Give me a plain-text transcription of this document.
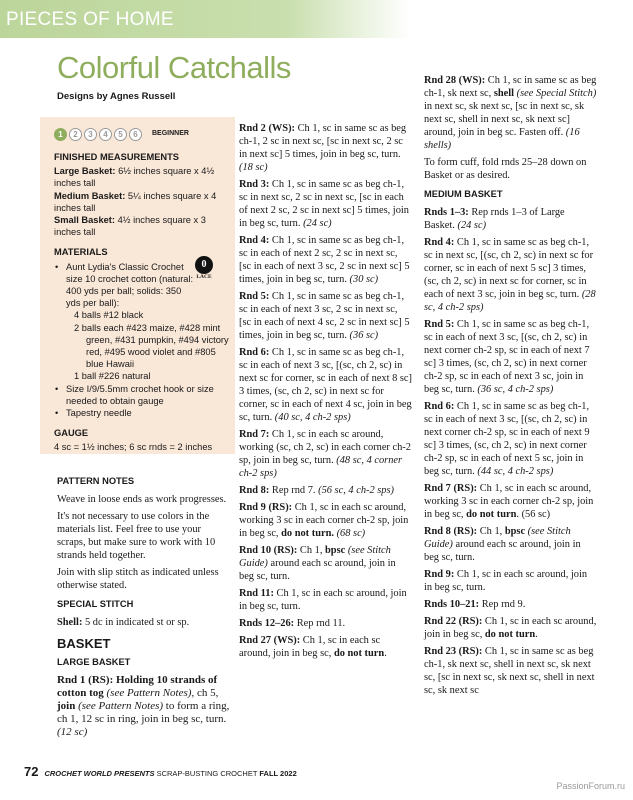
PIECES OF HOME
Colorful Catchalls
Designs by Agnes Russell
1	2	3	4	5	6	BEGINNER
FINISHED MEASUREMENTS

Large Basket: 6½ inches square x 4½ inches tall

Medium Basket: 5¼ inches square x 4 inches tall

Small Basket: 4½ inches square x 3 inches tall

MATERIALS
• Aunt Lydia's Classic Crochet size 10 crochet cotton (natural: 400 yds per ball; solids: 350 yds per ball):

4 balls #12 black

2 balls each #423 maize, #428 mint green, #431 pumpkin, #494 victory red, #495 wood violet and #805 blue Hawaii

1 ball #226 natural

• Size I/9/5.5mm crochet hook or size needed to obtain gauge
• Tapestry needle
GAUGE

4 sc = 1½ inches; 6 sc rnds = 2 inches

0
LACE
PATTERN NOTES

Weave in loose ends as work progresses.

It's not necessary to use colors in the materials list. Feel free to use your scraps, but make sure to work with 10 strands held together.

Join with slip stitch as indicated unless otherwise stated.

SPECIAL STITCH

Shell: 5 dc in indicated st or sp.

BASKET
LARGE BASKET

Rnd 1 (RS): Holding 10 strands of cotton tog (see Pattern Notes), ch 5, join (see Pattern Notes) to form a ring, ch 1, 12 sc in ring, join in beg sc, turn. (12 sc)

Rnd 2 (WS): Ch 1, sc in same sc as beg ch-1, 2 sc in next sc, [sc in next sc, 2 sc in next sc] 5 times, join in beg sc, turn. (18 sc)

Rnd 3: Ch 1, sc in same sc as beg ch-1, sc in next sc, 2 sc in next sc, [sc in each of next 2 sc, 2 sc in next sc] 5 times, join in beg sc, turn. (24 sc)

Rnd 4: Ch 1, sc in same sc as beg ch-1, sc in each of next 2 sc, 2 sc in next sc, [sc in each of next 3 sc, 2 sc in next sc] 5 times, join in beg sc, turn. (30 sc)

Rnd 5: Ch 1, sc in same sc as beg ch-1, sc in each of next 3 sc, 2 sc in next sc, [sc in each of next 4 sc, 2 sc in next sc] 5 times, join in beg sc, turn. (36 sc)

Rnd 6: Ch 1, sc in same sc as beg ch-1, sc in each of next 3 sc, [(sc, ch 2, sc) in next sc for corner, sc in each of next 8 sc] 3 times, (sc, ch 2, sc) in next sc for corner, sc in each of next 4 sc, join in beg sc, turn. (40 sc, 4 ch-2 sps)

Rnd 7: Ch 1, sc in each sc around, working (sc, ch 2, sc) in each corner ch-2 sp, join in beg sc, turn. (48 sc, 4 corner ch-2 sps)

Rnd 8: Rep rnd 7. (56 sc, 4 ch-2 sps)

Rnd 9 (RS): Ch 1, sc in each sc around, working 3 sc in each corner ch-2 sp, join in beg sc, do not turn. (68 sc)

Rnd 10 (RS): Ch 1, bpsc (see Stitch Guide) around each sc around, join in beg sc, turn.

Rnd 11: Ch 1, sc in each sc around, join in beg sc, turn.

Rnds 12–26: Rep rnd 11.

Rnd 27 (WS): Ch 1, sc in each sc around, join in beg sc, do not turn.

Rnd 28 (WS): Ch 1, sc in same sc as beg ch-1, sk next sc, shell (see Special Stitch) in next sc, sk next sc, [sc in next sc, sk next sc, shell in next sc, sk next sc] around, join in beg sc. Fasten off. (16 shells)

To form cuff, fold rnds 25–28 down on Basket or as desired.

MEDIUM BASKET

Rnds 1–3: Rep rnds 1–3 of Large Basket. (24 sc)

Rnd 4: Ch 1, sc in same sc as beg ch-1, sc in next sc, [(sc, ch 2, sc) in next sc for corner, sc in each of next 5 sc] 3 times, (sc, ch 2, sc) in next sc for corner, sc in each of next 3 sc, join in beg sc, turn. (28 sc, 4 ch-2 sps)

Rnd 5: Ch 1, sc in same sc as beg ch-1, sc in each of next 3 sc, [(sc, ch 2, sc) in next corner ch-2 sp, sc in each of next 7 sc] 3 times, (sc, ch 2, sc) in next corner ch-2 sp, sc in each of next 3 sc, join in beg sc, turn. (36 sc, 4 ch-2 sps)

Rnd 6: Ch 1, sc in same sc as beg ch-1, sc in each of next 3 sc, [(sc, ch 2, sc) in next corner ch-2 sp, sc in each of next 9 sc] 3 times, (sc, ch 2, sc) in next corner ch-2 sp, sc in each of next 5 sc, join in beg sc, turn. (44 sc, 4 ch-2 sps)

Rnd 7 (RS): Ch 1, sc in each sc around, working 3 sc in each corner ch-2 sp, join in beg sc, do not turn. (56 sc)

Rnd 8 (RS): Ch 1, bpsc (see Stitch Guide) around each sc around, join in beg sc, turn.

Rnd 9: Ch 1, sc in each sc around, join in beg sc, turn.

Rnds 10–21: Rep rnd 9.

Rnd 22 (RS): Ch 1, sc in each sc around, join in beg sc, do not turn.

Rnd 23 (RS): Ch 1, sc in same sc as beg ch-1, sk next sc, shell in next sc, sk next sc, [sc in next sc, sk next sc, shell in next sc, sk next sc

72 CROCHET WORLD PRESENTS SCRAP-BUSTING CROCHET FALL 2022
PassionForum.ru
